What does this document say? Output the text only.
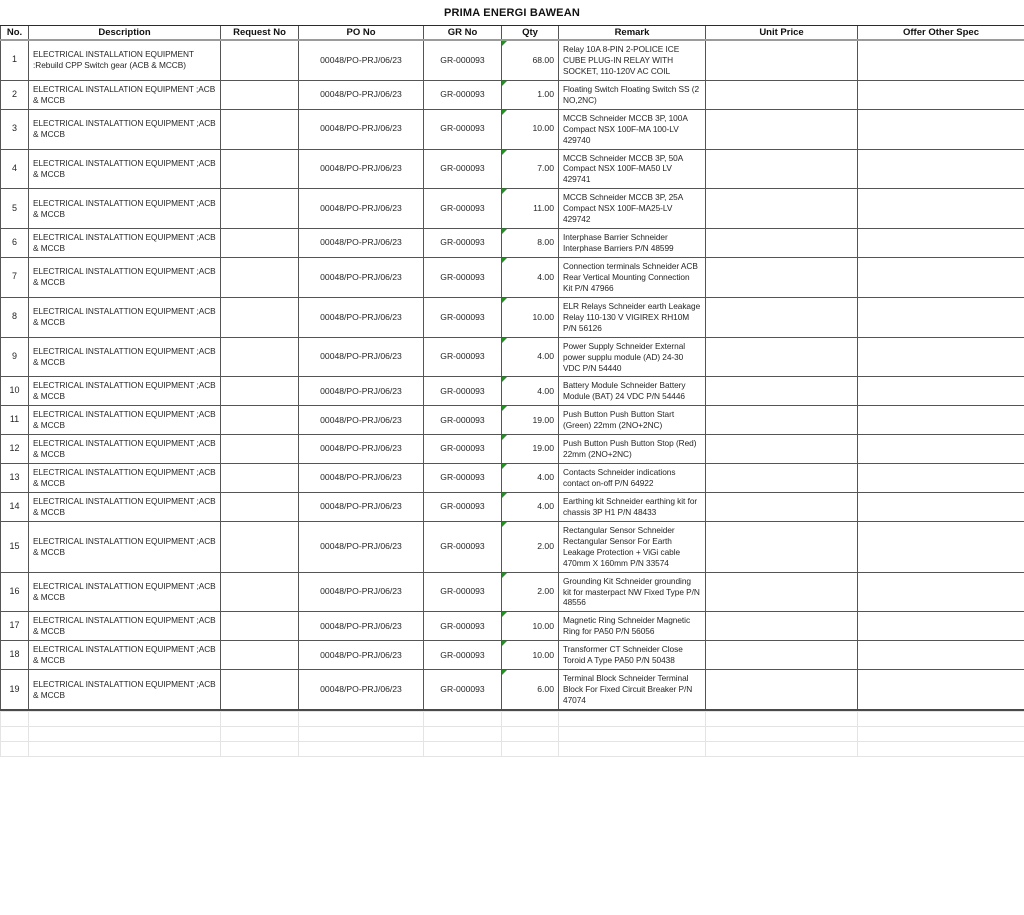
PRIMA ENERGI BAWEAN
No.	Description	Request No	PO No	GR No	Qty	Remark	Unit Price	Offer Other Spec
1	ELECTRICAL INSTALLATION EQUIPMENT :Rebuild CPP Switch gear (ACB & MCCB)		00048/PO-PRJ/06/23	GR-000093	68.00	Relay 10A 8-PIN 2-POLICE ICE CUBE PLUG-IN RELAY WITH SOCKET, 110-120V AC COIL		
2	ELECTRICAL INSTALLATION EQUIPMENT ;ACB & MCCB		00048/PO-PRJ/06/23	GR-000093	1.00	Floating Switch Floating Switch SS (2 NO,2NC)		
3	ELECTRICAL INSTALATTION EQUIPMENT ;ACB & MCCB		00048/PO-PRJ/06/23	GR-000093	10.00	MCCB Schneider MCCB 3P, 100A Compact NSX 100F-MA 100-LV 429740		
4	ELECTRICAL INSTALATTION EQUIPMENT ;ACB & MCCB		00048/PO-PRJ/06/23	GR-000093	7.00	MCCB Schneider MCCB 3P, 50A Compact NSX 100F-MA50 LV 429741		
5	ELECTRICAL INSTALATTION EQUIPMENT ;ACB & MCCB		00048/PO-PRJ/06/23	GR-000093	11.00	MCCB Schneider MCCB 3P, 25A Compact NSX 100F-MA25-LV 429742		
6	ELECTRICAL INSTALATTION EQUIPMENT ;ACB & MCCB		00048/PO-PRJ/06/23	GR-000093	8.00	Interphase Barrier Schneider Interphase Barriers P/N 48599		
7	ELECTRICAL INSTALATTION EQUIPMENT ;ACB & MCCB		00048/PO-PRJ/06/23	GR-000093	4.00	Connection terminals Schneider ACB Rear Vertical Mounting Connection Kit P/N 47966		
8	ELECTRICAL INSTALATTION EQUIPMENT ;ACB & MCCB		00048/PO-PRJ/06/23	GR-000093	10.00	ELR Relays Schneider earth Leakage Relay 110-130 V VIGIREX RH10M P/N 56126		
9	ELECTRICAL INSTALATTION EQUIPMENT ;ACB & MCCB		00048/PO-PRJ/06/23	GR-000093	4.00	Power Supply Schneider External power supplu module (AD) 24-30 VDC P/N 54440		
10	ELECTRICAL INSTALATTION EQUIPMENT ;ACB & MCCB		00048/PO-PRJ/06/23	GR-000093	4.00	Battery Module Schneider Battery Module (BAT) 24 VDC P/N 54446		
11	ELECTRICAL INSTALATTION EQUIPMENT ;ACB & MCCB		00048/PO-PRJ/06/23	GR-000093	19.00	Push Button Push Button Start (Green) 22mm (2NO+2NC)		
12	ELECTRICAL INSTALATTION EQUIPMENT ;ACB & MCCB		00048/PO-PRJ/06/23	GR-000093	19.00	Push Button Push Button Stop (Red) 22mm (2NO+2NC)		
13	ELECTRICAL INSTALATTION EQUIPMENT ;ACB & MCCB		00048/PO-PRJ/06/23	GR-000093	4.00	Contacts Schneider indications contact on-off P/N 64922		
14	ELECTRICAL INSTALATTION EQUIPMENT ;ACB & MCCB		00048/PO-PRJ/06/23	GR-000093	4.00	Earthing kit Schneider earthing kit for chassis 3P H1 P/N 48433		
15	ELECTRICAL INSTALATTION EQUIPMENT ;ACB & MCCB		00048/PO-PRJ/06/23	GR-000093	2.00	Rectangular Sensor Schneider Rectangular Sensor For Earth Leakage Protection + ViGi cable 470mm X 160mm P/N 33574		
16	ELECTRICAL INSTALATTION EQUIPMENT ;ACB & MCCB		00048/PO-PRJ/06/23	GR-000093	2.00	Grounding Kit Schneider grounding kit for masterpact NW Fixed Type P/N 48556		
17	ELECTRICAL INSTALATTION EQUIPMENT ;ACB & MCCB		00048/PO-PRJ/06/23	GR-000093	10.00	Magnetic Ring Schneider Magnetic Ring for PA50 P/N 56056		
18	ELECTRICAL INSTALATTION EQUIPMENT ;ACB & MCCB		00048/PO-PRJ/06/23	GR-000093	10.00	Transformer CT Schneider Close Toroid A Type PA50 P/N 50438		
19	ELECTRICAL INSTALATTION EQUIPMENT ;ACB & MCCB		00048/PO-PRJ/06/23	GR-000093	6.00	Terminal Block Schneider Terminal Block For Fixed Circuit Breaker P/N 47074		
